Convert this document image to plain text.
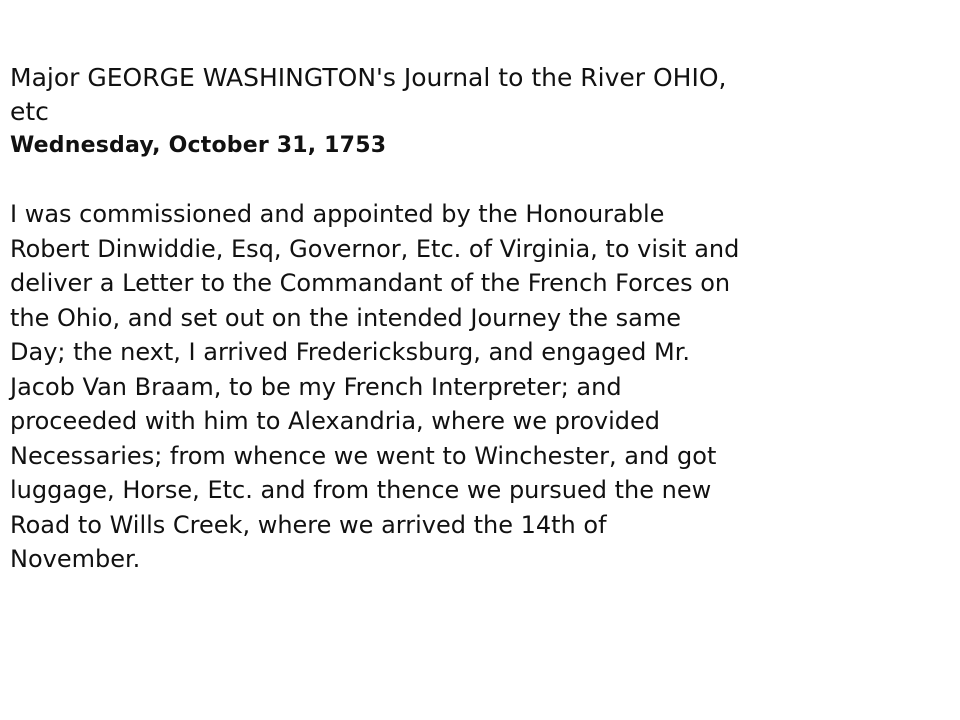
Major GEORGE WASHINGTON's Journal to the River OHIO,

etc

Wednesday, October 31, 1753

I was commissioned and appointed by the Honourable
Robert Dinwiddie, Esq, Governor, Etc. of Virginia, to visit and
deliver a Letter to the Commandant of the French Forces on
the Ohio, and set out on the intended Journey the same
Day; the next, I arrived Fredericksburg, and engaged Mr.
Jacob Van Braam, to be my French Interpreter; and
proceeded with him to Alexandria, where we provided
Necessaries; from whence we went to Winchester, and got
luggage, Horse, Etc. and from thence we pursued the new
Road to Wills Creek, where we arrived the 14th of
November.
